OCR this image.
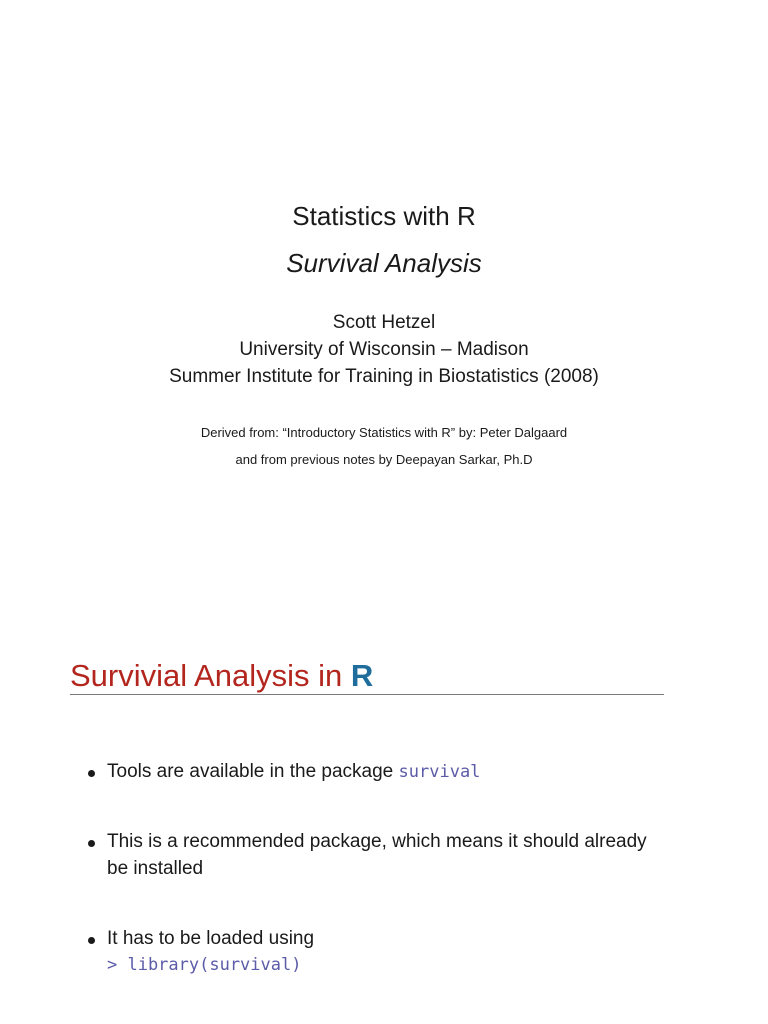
Statistics with R
Survival Analysis
Scott Hetzel
University of Wisconsin – Madison
Summer Institute for Training in Biostatistics (2008)
Derived from: “Introductory Statistics with R” by: Peter Dalgaard
and from previous notes by Deepayan Sarkar, Ph.D
Survivial Analysis in R
Tools are available in the package survival
This is a recommended package, which means it should already be installed
It has to be loaded using
> library(survival)
